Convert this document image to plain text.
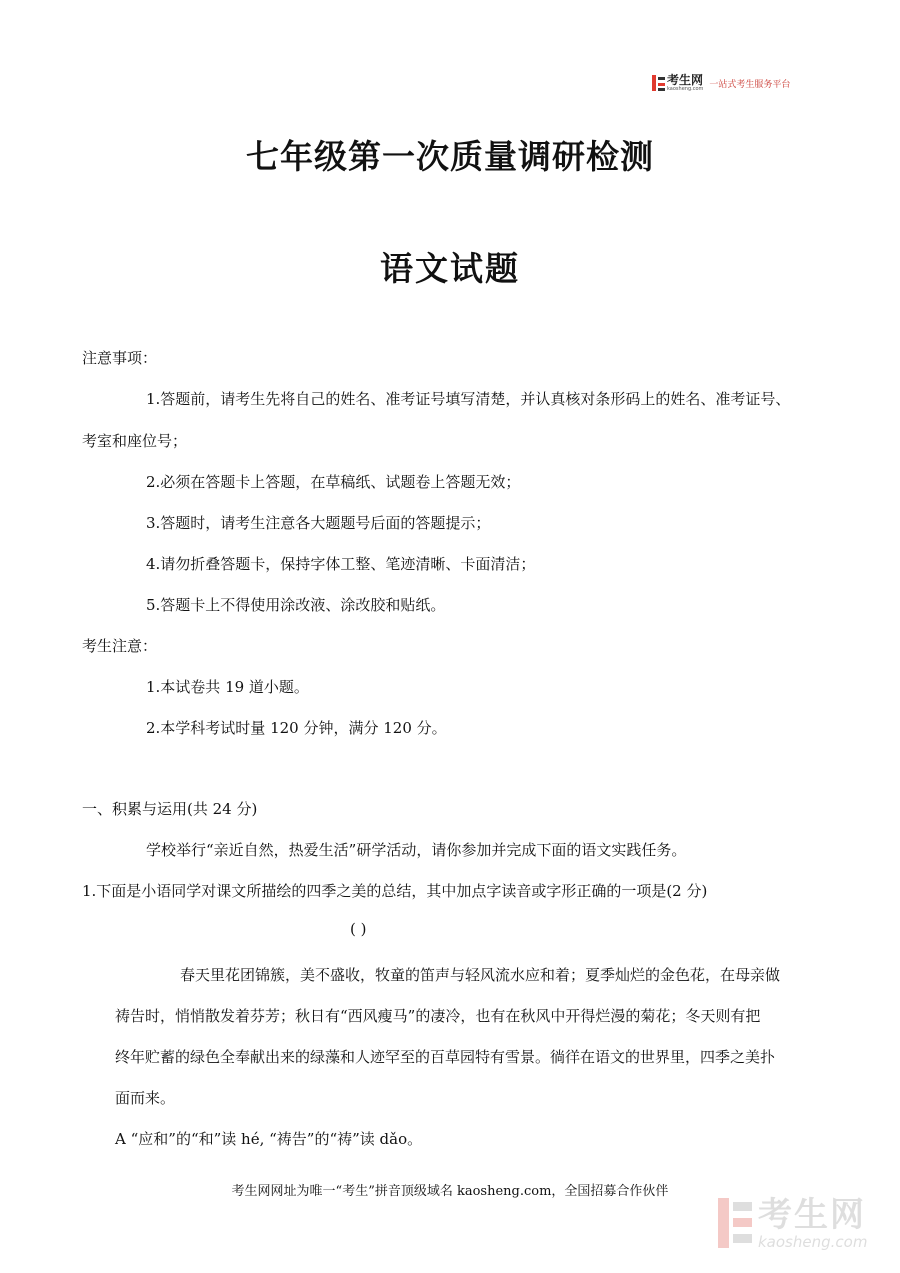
考生网
kaosheng.com 一站式考生服务平台
七年级第一次质量调研检测
语文试题
注意事项：
1.答题前，请考生先将自己的姓名、准考证号填写清楚，并认真核对条形码上的姓名、准考证号、
考室和座位号；
2.必须在答题卡上答题，在草稿纸、试题卷上答题无效；
3.答题时，请考生注意各大题题号后面的答题提示；
4.请勿折叠答题卡，保持字体工整、笔迹清晰、卡面清洁；
5.答题卡上不得使用涂改液、涂改胶和贴纸。
考生注意：
1.本试卷共 19 道小题。
2.本学科考试时量 120 分钟，满分 120 分。
一、积累与运用(共 24 分)
学校举行“亲近自然，热爱生活”研学活动，请你参加并完成下面的语文实践任务。
1.下面是小语同学对课文所描绘的四季之美的总结，其中加点字读音或字形正确的一项是(2 分)
( )
春天里花团锦簇，美不盛收，牧童的笛声与轻风流水应和着；夏季灿烂的金色花，在母亲做
祷告时，悄悄散发着芬芳；秋日有“西风瘦马”的凄冷，也有在秋风中开得烂漫的菊花；冬天则有把
终年贮蓄的绿色全奉献出来的绿藻和人迹罕至的百草园特有雪景。徜徉在语文的世界里，四季之美扑
面而来。
A “应和”的“和”读 hé, “祷告”的“祷”读 dǎo。
考生网网址为唯一“考生”拼音顶级域名 kaosheng.com，全国招募合作伙伴
考生网
kaosheng.com
